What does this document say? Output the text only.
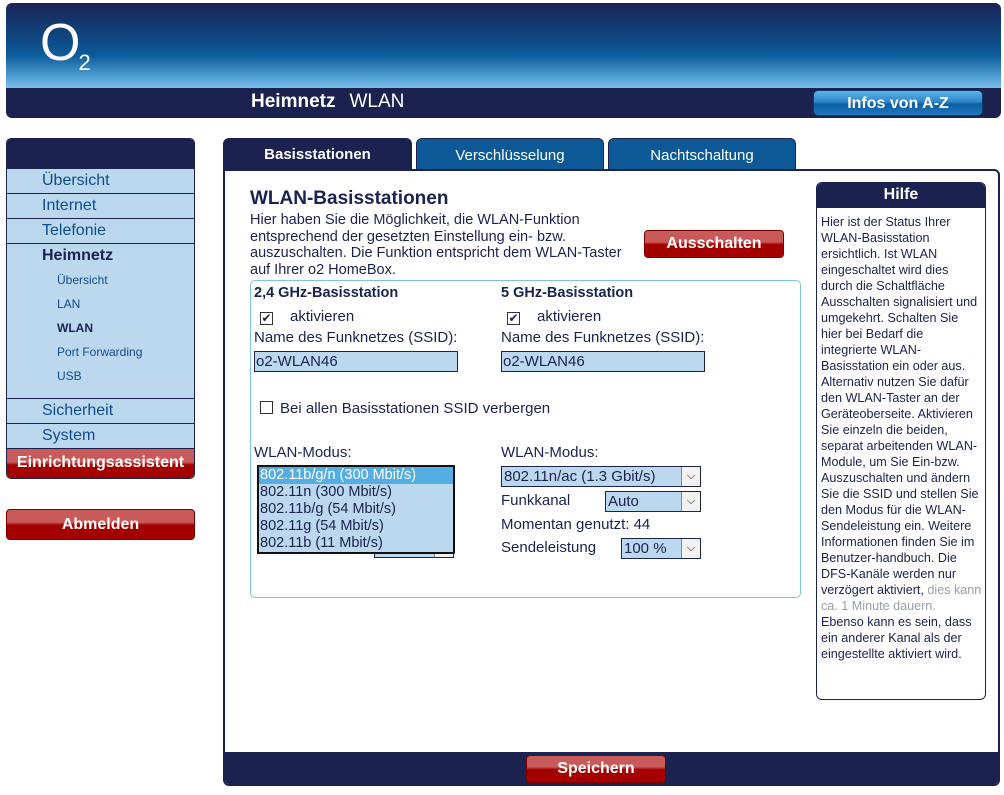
$O_2$
Heimnetz WLAN	Infos von A-Z
Übersicht
Internet
Telefonie
Heimnetz
Übersicht
LAN
WLAN
Port Forwarding
USB
Sicherheit
System
Einrichtungsassistent
Abmelden
Basisstationen	Verschlüsselung	Nachtschaltung
WLAN-Basisstationen
Hier haben Sie die Möglichkeit, die WLAN-Funktion entsprechend der gesetzten Einstellung ein- bzw. auszuschalten. Die Funktion entspricht dem WLAN-Taster auf Ihrer o2 HomeBox.
Ausschalten
2,4 GHz-Basisstation
✔ aktivieren
Name des Funknetzes (SSID):
o2-WLAN46
WLAN-Modus:
802.11b/g/n (300 Mbit/s)
802.11n (300 Mbit/s)
802.11b/g (54 Mbit/s)
802.11g (54 Mbit/s)
802.11b (11 Mbit/s)
5 GHz-Basisstation
✔ aktivieren
Name des Funknetzes (SSID):
o2-WLAN46
WLAN-Modus:
802.11n/ac (1.3 Gbit/s)	⌵
Funkkanal	Auto	⌵
Momentan genutzt: 44
Sendeleistung 100 %	⌵
Bei allen Basisstationen SSID verbergen
Hilfe
Hier ist der Status Ihrer WLAN-Basisstation ersichtlich. Ist WLAN eingeschaltet wird dies durch die Schaltfläche Ausschalten signalisiert und umgekehrt. Schalten Sie hier bei Bedarf die integrierte WLAN-Basisstation ein oder aus. Alternativ nutzen Sie dafür den WLAN-Taster an der Geräteoberseite. Aktivieren Sie einzeln die beiden, separat arbeitenden WLAN-Module, um Sie Ein-bzw. Auszuschalten und ändern Sie die SSID und stellen Sie den Modus für die WLAN-Sendeleistung ein. Weitere Informationen finden Sie im Benutzer-handbuch. Die DFS-Kanäle werden nur verzögert aktiviert, dies kann ca. 1 Minute dauern. Ebenso kann es sein, dass ein anderer Kanal als der eingestellte aktiviert wird.
Speichern
